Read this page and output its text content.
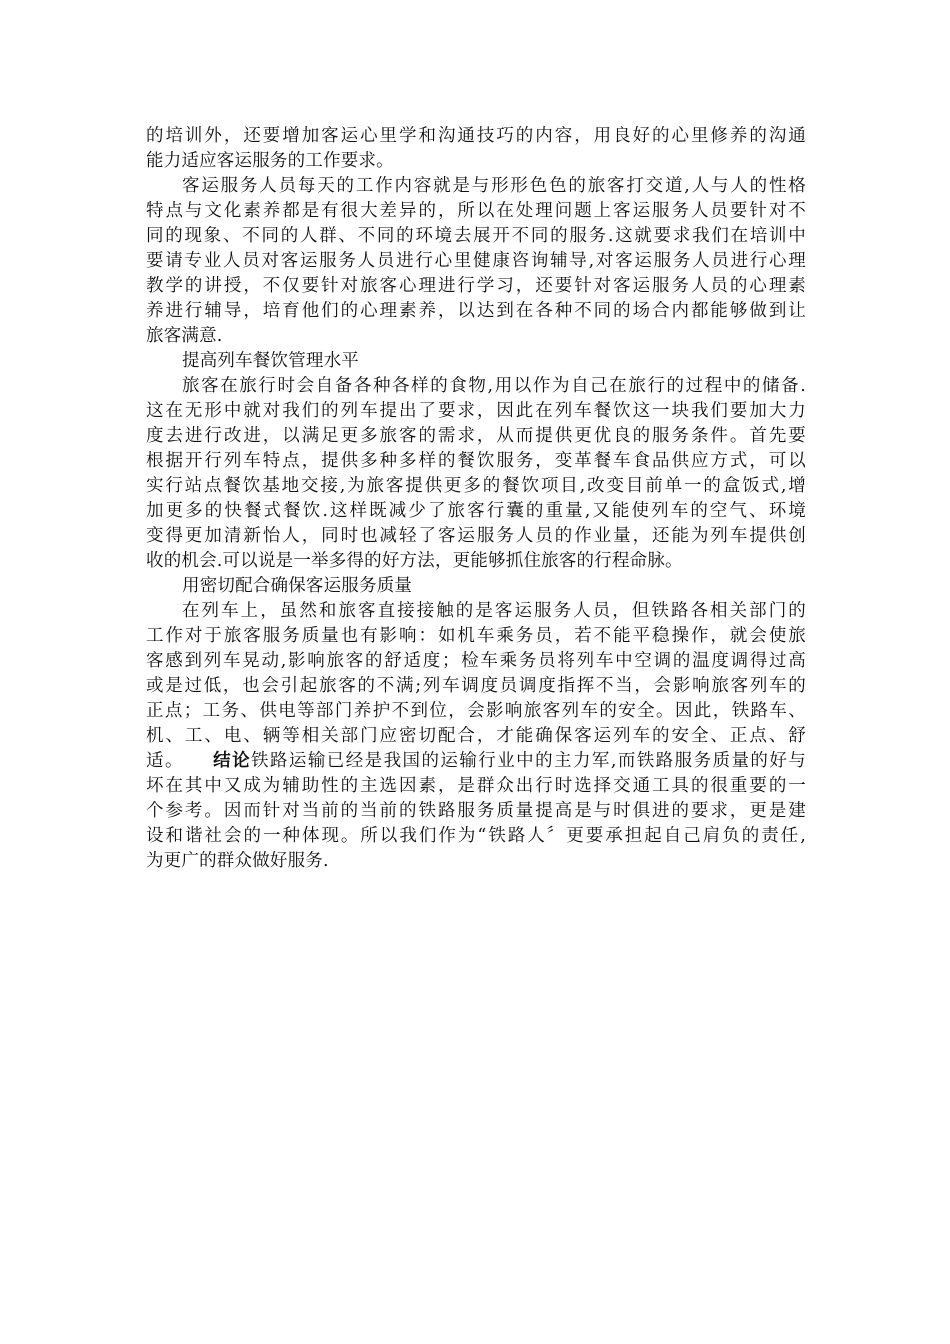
的培训外，还要增加客运心里学和沟通技巧的内容，用良好的心里修养的沟通
能力适应客运服务的工作要求。
客运服务人员每天的工作内容就是与形形色色的旅客打交道,人与人的性格
特点与文化素养都是有很大差异的，所以在处理问题上客运服务人员要针对不
同的现象、不同的人群、不同的环境去展开不同的服务.这就要求我们在培训中
要请专业人员对客运服务人员进行心里健康咨询辅导,对客运服务人员进行心理
教学的讲授，不仅要针对旅客心理进行学习，还要针对客运服务人员的心理素
养进行辅导，培育他们的心理素养，以达到在各种不同的场合内都能够做到让
旅客满意.
提高列车餐饮管理水平
旅客在旅行时会自备各种各样的食物,用以作为自己在旅行的过程中的储备.
这在无形中就对我们的列车提出了要求，因此在列车餐饮这一块我们要加大力
度去进行改进，以满足更多旅客的需求，从而提供更优良的服务条件。首先要
根据开行列车特点，提供多种多样的餐饮服务，变革餐车食品供应方式，可以
实行站点餐饮基地交接,为旅客提供更多的餐饮项目,改变目前单一的盒饭式,增
加更多的快餐式餐饮.这样既减少了旅客行囊的重量,又能使列车的空气、环境
变得更加清新怡人，同时也减轻了客运服务人员的作业量，还能为列车提供创
收的机会.可以说是一举多得的好方法，更能够抓住旅客的行程命脉。
用密切配合确保客运服务质量
在列车上，虽然和旅客直接接触的是客运服务人员，但铁路各相关部门的
工作对于旅客服务质量也有影响：如机车乘务员，若不能平稳操作，就会使旅
客感到列车晃动,影响旅客的舒适度；检车乘务员将列车中空调的温度调得过高
或是过低，也会引起旅客的不满;列车调度员调度指挥不当，会影响旅客列车的
正点；工务、供电等部门养护不到位，会影响旅客列车的安全。因此，铁路车、
机、工、电、辆等相关部门应密切配合，才能确保客运列车的安全、正点、舒
适。 结论铁路运输已经是我国的运输行业中的主力军,而铁路服务质量的好与
坏在其中又成为辅助性的主选因素，是群众出行时选择交通工具的很重要的一
个参考。因而针对当前的当前的铁路服务质量提高是与时俱进的要求，更是建
设和谐社会的一种体现。所以我们作为“铁路人〞更要承担起自己肩负的责任,
为更广的群众做好服务.
